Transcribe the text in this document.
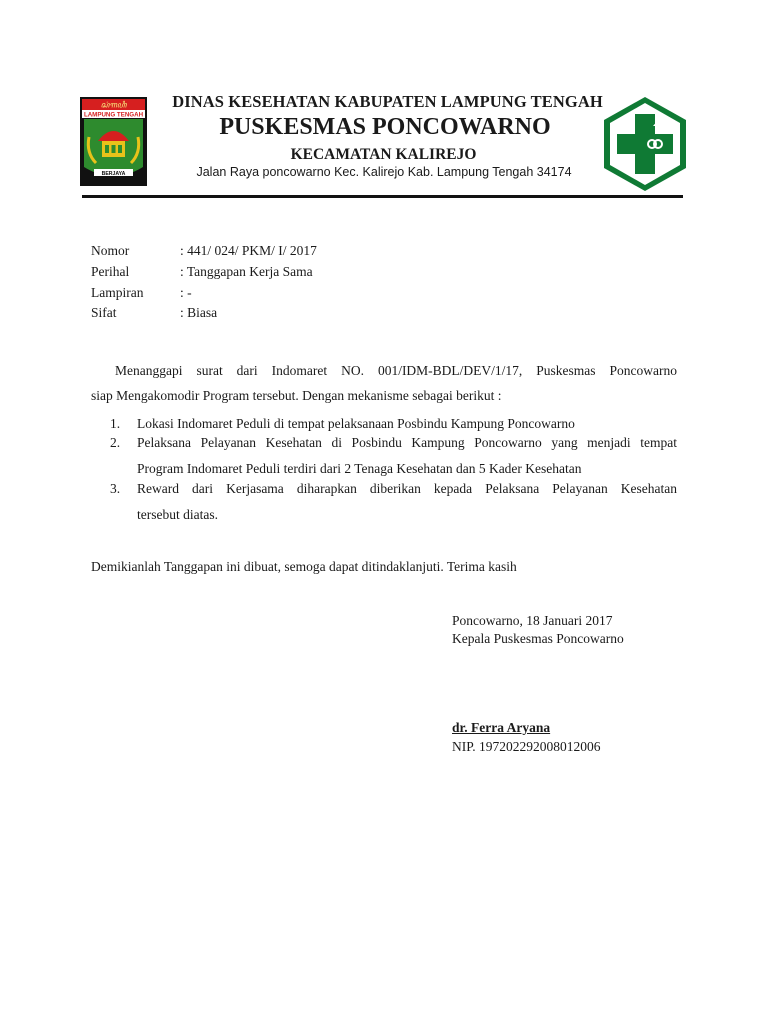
ꦱꦁꦒꦲꦶ
LAMPUNG TENGAH
BERJAYA
DINAS KESEHATAN KABUPATEN LAMPUNG TENGAH
PUSKESMAS PONCOWARNO
KECAMATAN KALIREJO
Jalan Raya poncowarno Kec. Kalirejo Kab. Lampung Tengah 34174
Nomor	: 441/ 024/ PKM/ I/ 2017
Perihal	: Tanggapan Kerja Sama
Lampiran	: -
Sifat	: Biasa
Menanggapi surat dari Indomaret NO. 001/IDM-BDL/DEV/1/17, Puskesmas Poncowarno
siap Mengakomodir Program tersebut. Dengan mekanisme sebagai berikut :
1.	Lokasi Indomaret Peduli di tempat pelaksanaan Posbindu Kampung Poncowarno
2.	Pelaksana Pelayanan Kesehatan di Posbindu Kampung Poncowarno yang menjadi tempat
Program Indomaret Peduli terdiri dari 2 Tenaga Kesehatan dan 5 Kader Kesehatan
3.	Reward dari Kerjasama diharapkan diberikan kepada Pelaksana Pelayanan Kesehatan
tersebut diatas.
Demikianlah Tanggapan ini dibuat, semoga dapat ditindaklanjuti. Terima kasih
Poncowarno, 18 Januari 2017
Kepala Puskesmas Poncowarno
dr. Ferra Aryana
NIP. 197202292008012006
